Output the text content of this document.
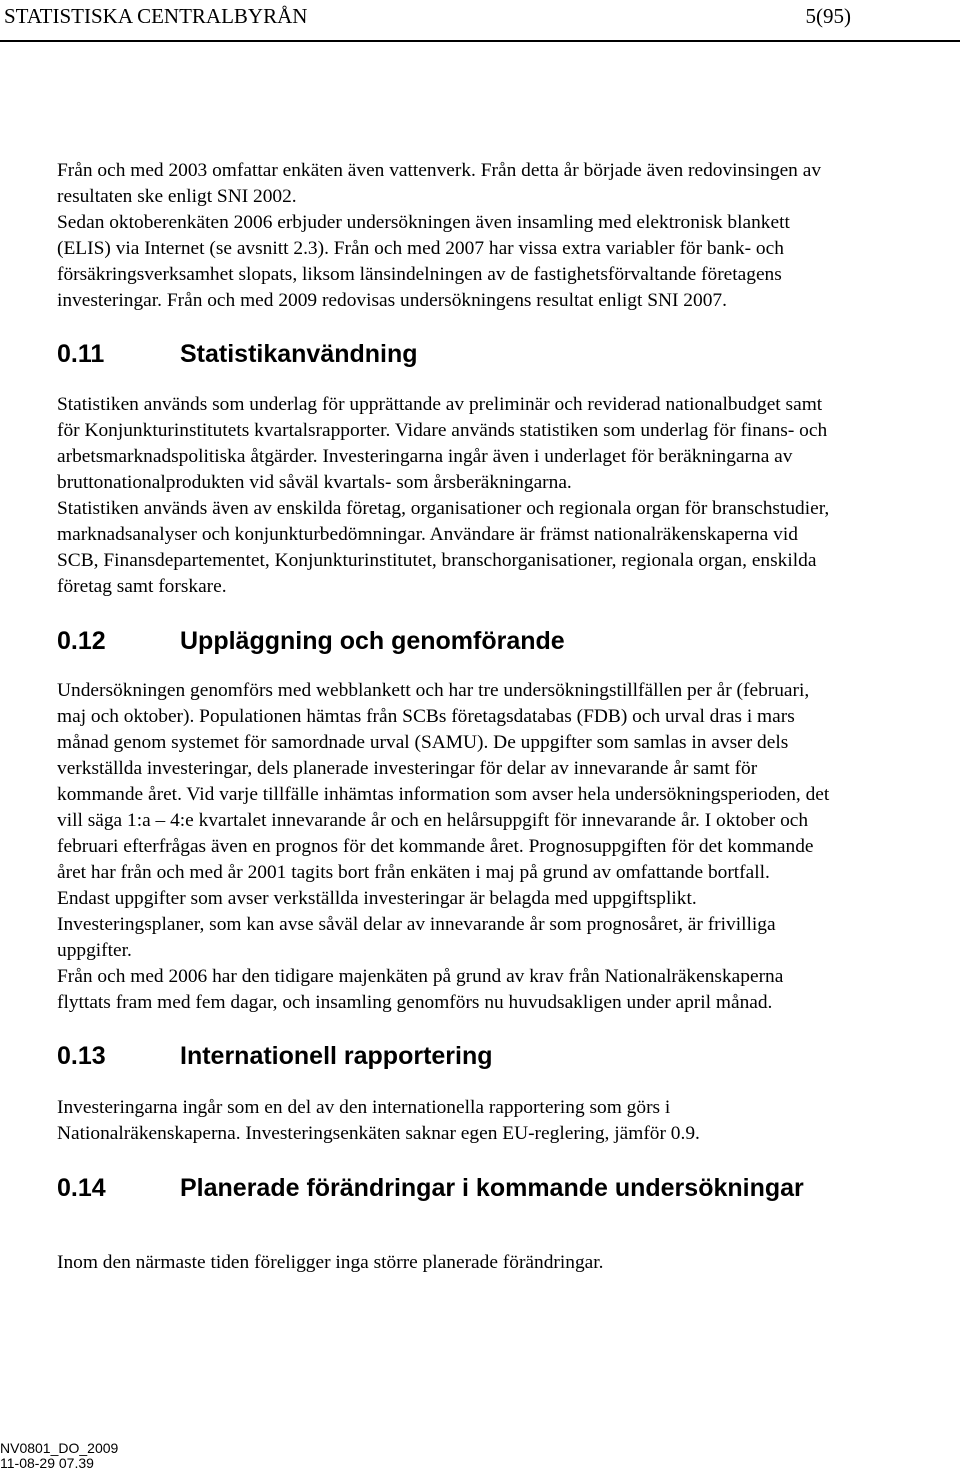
STATISTISKA CENTRALBYRÅN	5(95)

Från och med 2003 omfattar enkäten även vattenverk. Från detta år började även redovinsingen av
resultaten ske enligt SNI 2002.

Sedan oktoberenkäten 2006 erbjuder undersökningen även insamling med elektronisk blankett
(ELIS) via Internet (se avsnitt 2.3). Från och med 2007 har vissa extra variabler för bank- och
försäkringsverksamhet slopats, liksom länsindelningen av de fastighetsförvaltande företagens
investeringar. Från och med 2009 redovisas undersökningens resultat enligt SNI 2007.

0.11	Statistikanvändning

Statistiken används som underlag för upprättande av preliminär och reviderad nationalbudget samt
för Konjunkturinstitutets kvartalsrapporter. Vidare används statistiken som underlag för finans- och
arbetsmarknadspolitiska åtgärder. Investeringarna ingår även i underlaget för beräkningarna av
bruttonationalprodukten vid såväl kvartals- som årsberäkningarna.

Statistiken används även av enskilda företag, organisationer och regionala organ för branschstudier,
marknadsanalyser och konjunkturbedömningar. Användare är främst nationalräkenskaperna vid
SCB, Finansdepartementet, Konjunkturinstitutet, branschorganisationer, regionala organ, enskilda
företag samt forskare.

0.12	Uppläggning och genomförande

Undersökningen genomförs med webblankett och har tre undersökningstillfällen per år (februari,
maj och oktober). Populationen hämtas från SCBs företagsdatabas (FDB) och urval dras i mars
månad genom systemet för samordnade urval (SAMU). De uppgifter som samlas in avser dels
verkställda investeringar, dels planerade investeringar för delar av innevarande år samt för
kommande året. Vid varje tillfälle inhämtas information som avser hela undersökningsperioden, det
vill säga 1:a – 4:e kvartalet innevarande år och en helårsuppgift för innevarande år. I oktober och
februari efterfrågas även en prognos för det kommande året. Prognosuppgiften för det kommande
året har från och med år 2001 tagits bort från enkäten i maj på grund av omfattande bortfall.
Endast uppgifter som avser verkställda investeringar är belagda med uppgiftsplikt.
Investeringsplaner, som kan avse såväl delar av innevarande år som prognosåret, är frivilliga
uppgifter.

Från och med 2006 har den tidigare majenkäten på grund av krav från Nationalräkenskaperna
flyttats fram med fem dagar, och insamling genomförs nu huvudsakligen under april månad.

0.13	Internationell rapportering

Investeringarna ingår som en del av den internationella rapportering som görs i
Nationalräkenskaperna. Investeringsenkäten saknar egen EU-reglering, jämför 0.9.

0.14	Planerade förändringar i kommande undersökningar

Inom den närmaste tiden föreligger inga större planerade förändringar.

NV0801_DO_2009
11-08-29 07.39
